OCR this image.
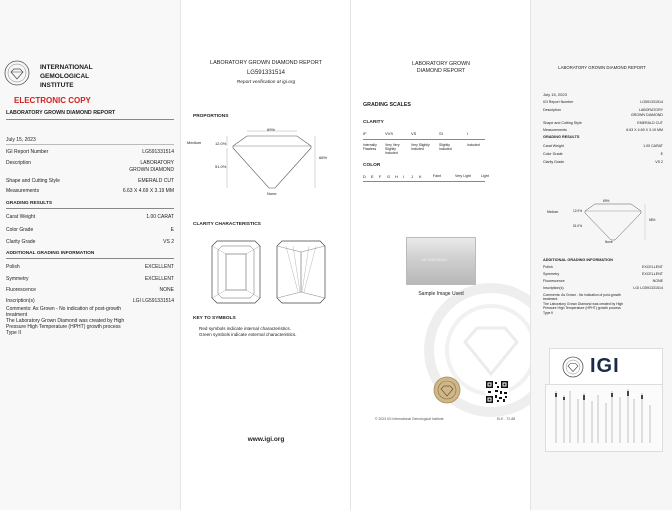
INTERNATIONAL
GEMOLOGICAL
INSTITUTE
ELECTRONIC COPY
LABORATORY GROWN DIAMOND REPORT
July 15, 2023
IGI Report Number	LG591331514
Description	LABORATORY GROWN DIAMOND
Shape and Cutting Style	EMERALD CUT
Measurements	6.63 X 4.69 X 3.19 MM
GRADING RESULTS
Carat Weight	1.00 CARAT
Color Grade	E
Clarity Grade	VS 2
ADDITIONAL GRADING INFORMATION
Polish	EXCELLENT
Symmetry	EXCELLENT
Fluorescence	NONE
Inscription(s)	LGI LG591331514
Comments: As Grown - No indication of post-growth
treatment
The Laboratory Grown Diamond was created by High
Pressure High Temperature (HPHT) growth process
Type II
LABORATORY GROWN DIAMOND REPORT
LG591331514
Report verification at igi.org
PROPORTIONS
69%
12.0%
51.0%
68%
Medium
None
CLARITY CHARACTERISTICS
KEY TO SYMBOLS
Red symbols indicate internal characteristics.
Green symbols indicate external characteristics.
www.igi.org
LABORATORY GROWN
DIAMOND REPORT
GRADING SCALES
CLARITY
IF	VVS	VS	SI	I
Internally Flawless
Very Very Slightly Included
Very Slightly Included
Slightly Included
Included
COLOR
D E F G H I J K	Faint	Very Light	Light
LGI LG591331514
Sample Image Used
© 2023 IGI International Gemological Institute	ELE - 72-88
LABORATORY GROWN DIAMOND REPORT
July 15, 2023
IGI Report Number	LG591331514
Description	LABORATORY GROWN DIAMOND
Shape and Cutting Style	EMERALD CUT
Measurements	6.63 X 4.69 X 3.19 MM
GRADING RESULTS
Carat Weight	1.00 CARAT
Color Grade	E
Clarity Grade	VS 2
69%
12.0%
51.0%
68%
Medium
None
ADDITIONAL GRADING INFORMATION
Polish	EXCELLENT
Symmetry	EXCELLENT
Fluorescence	NONE
Inscription(s)	LGI LG591331514
Comments: As Grown - No indication of post-growth
treatment
The Laboratory Grown Diamond was created by High
Pressure High Temperature (HPHT) growth process
Type II
IGI
